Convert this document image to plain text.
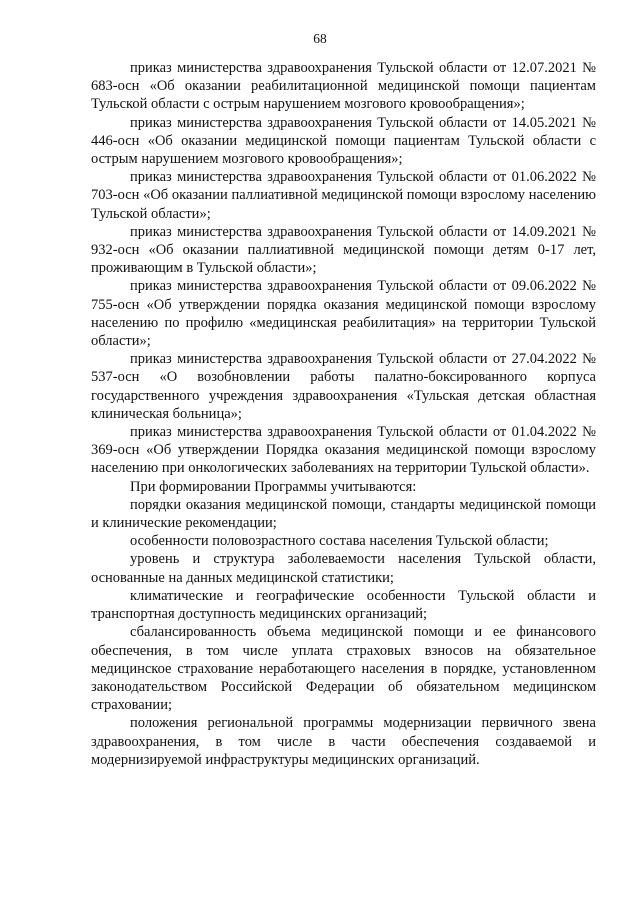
68

приказ министерства здравоохранения Тульской области от 12.07.2021 № 683-осн «Об оказании реабилитационной медицинской помощи пациентам Тульской области с острым нарушением мозгового кровообращения»;

приказ министерства здравоохранения Тульской области от 14.05.2021 № 446-осн «Об оказании медицинской помощи пациентам Тульской области с острым нарушением мозгового кровообращения»;

приказ министерства здравоохранения Тульской области от 01.06.2022 № 703-осн «Об оказании паллиативной медицинской помощи взрослому населению Тульской области»;

приказ министерства здравоохранения Тульской области от 14.09.2021 № 932-осн «Об оказании паллиативной медицинской помощи детям 0-17 лет, проживающим в Тульской области»;

приказ министерства здравоохранения Тульской области от 09.06.2022 № 755-осн «Об утверждении порядка оказания медицинской помощи взрослому населению по профилю «медицинская реабилитация» на территории Тульской области»;

приказ министерства здравоохранения Тульской области от 27.04.2022 № 537-осн «О возобновлении работы палатно-боксированного корпуса государственного учреждения здравоохранения «Тульская детская областная клиническая больница»;

приказ министерства здравоохранения Тульской области от 01.04.2022 № 369-осн «Об утверждении Порядка оказания медицинской помощи взрослому населению при онкологических заболеваниях на территории Тульской области».

При формировании Программы учитываются:

порядки оказания медицинской помощи, стандарты медицинской помощи и клинические рекомендации;

особенности половозрастного состава населения Тульской области;

уровень и структура заболеваемости населения Тульской области, основанные на данных медицинской статистики;

климатические и географические особенности Тульской области и транспортная доступность медицинских организаций;

сбалансированность объема медицинской помощи и ее финансового обеспечения, в том числе уплата страховых взносов на обязательное медицинское страхование неработающего населения в порядке, установленном законодательством Российской Федерации об обязательном медицинском страховании;

положения региональной программы модернизации первичного звена здравоохранения, в том числе в части обеспечения создаваемой и модернизируемой инфраструктуры медицинских организаций.
